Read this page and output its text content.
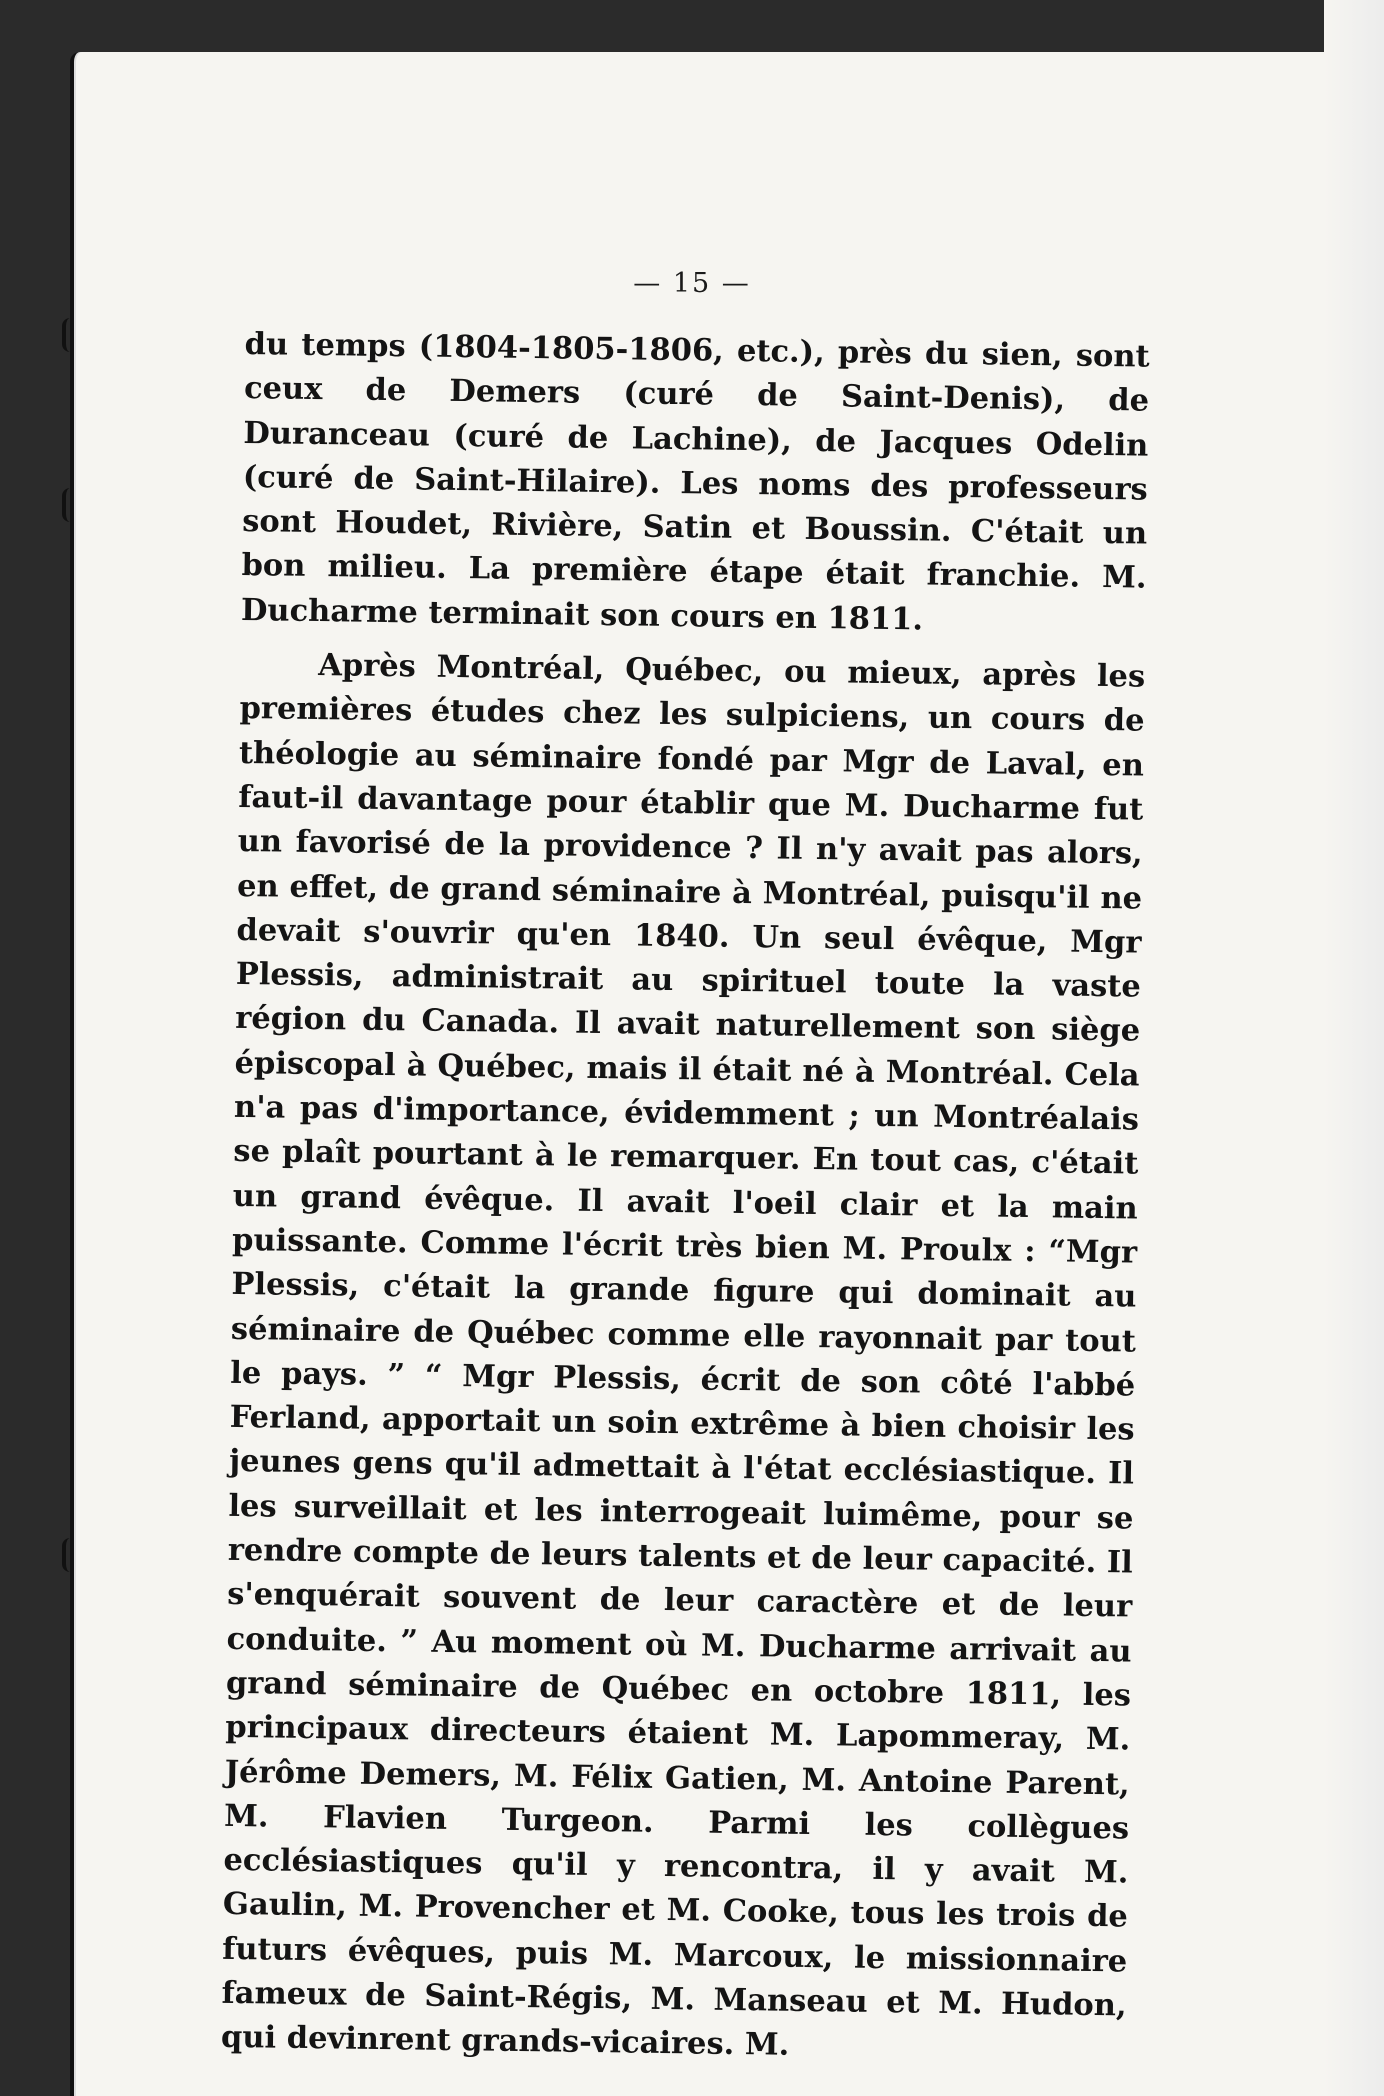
— 15 —

du temps (1804-1805-1806, etc.), près du sien, sont ceux de Demers (curé de Saint-Denis), de Duranceau (curé de Lachine), de Jacques Odelin (curé de Saint-Hilaire). Les noms des professeurs sont Houdet, Rivière, Satin et Boussin. C'était un bon milieu. La première étape était franchie. M. Ducharme terminait son cours en 1811.

Après Montréal, Québec, ou mieux, après les premières études chez les sulpiciens, un cours de théologie au séminaire fondé par Mgr de Laval, en faut-il davantage pour établir que M. Ducharme fut un favorisé de la providence ? Il n'y avait pas alors, en effet, de grand séminaire à Montréal, puisqu'il ne devait s'ouvrir qu'en 1840. Un seul évêque, Mgr Plessis, administrait au spirituel toute la vaste région du Canada. Il avait naturellement son siège épiscopal à Québec, mais il était né à Montréal. Cela n'a pas d'importance, évidemment ; un Montréalais se plaît pourtant à le remarquer. En tout cas, c'était un grand évêque. Il avait l'oeil clair et la main puissante. Comme l'écrit très bien M. Proulx : “Mgr Plessis, c'était la grande figure qui dominait au séminaire de Québec comme elle rayonnait par tout le pays. ” “ Mgr Plessis, écrit de son côté l'abbé Ferland, apportait un soin extrême à bien choisir les jeunes gens qu'il admettait à l'état ecclésiastique. Il les surveillait et les interrogeait luimême, pour se rendre compte de leurs talents et de leur capacité. Il s'enquérait souvent de leur caractère et de leur conduite. ” Au moment où M. Ducharme arrivait au grand séminaire de Québec en octobre 1811, les principaux directeurs étaient M. Lapommeray, M. Jérôme Demers, M. Félix Gatien, M. Antoine Parent, M. Flavien Turgeon. Parmi les collègues ecclésiastiques qu'il y rencontra, il y avait M. Gaulin, M. Provencher et M. Cooke, tous les trois de futurs évêques, puis M. Marcoux, le missionnaire fameux de Saint-Régis, M. Manseau et M. Hudon, qui devinrent grands-vicaires. M.
